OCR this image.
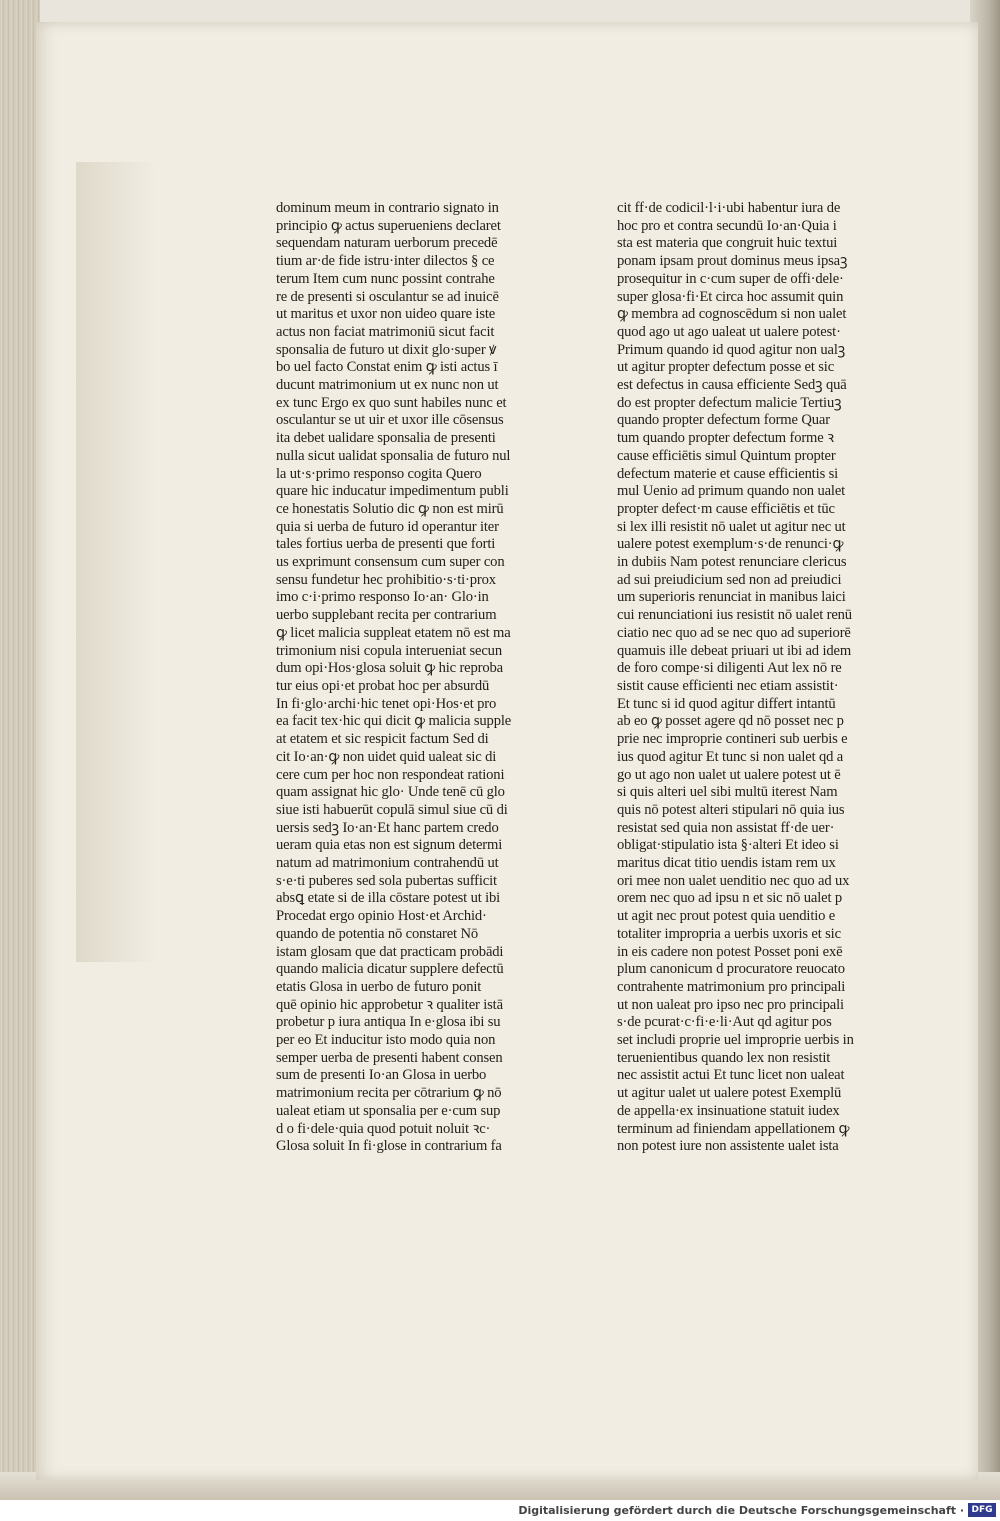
dominum meum in contrario signato in
principio ꝙ actus superueniens declaret
sequendam naturam uerborum precedē
tium ar·de fide istru·inter dilectos § ce
terum Item cum nunc possint contrahe
re de presenti si osculantur se ad inuicē
ut maritus et uxor non uideo quare iste
actus non faciat matrimoniū sicut facit
sponsalia de futuro ut dixit glo·super ꝟ
bo uel facto Constat enim ꝙ isti actus ī
ducunt matrimonium ut ex nunc non ut
ex tunc Ergo ex quo sunt habiles nunc et
osculantur se ut uir et uxor ille cōsensus
ita debet ualidare sponsalia de presenti
nulla sicut ualidat sponsalia de futuro nul
la ut·s·primo responso cogita Quero
quare hic inducatur impedimentum publi
ce honestatis Solutio dic ꝙ non est mirū
quia si uerba de futuro id operantur iter
tales fortius uerba de presenti que forti
us exprimunt consensum cum super con
sensu fundetur hec prohibitio·s·ti·prox
imo c·i·primo responso Io·an· Glo·in
uerbo supplebant recita per contrarium
ꝙ licet malicia suppleat etatem nō est ma
trimonium nisi copula interueniat secun
dum opi·Hos·glosa soluit ꝙ hic reproba
tur eius opi·et probat hoc per absurdū
In fi·glo·archi·hic tenet opi·Hos·et pro
ea facit tex·hic qui dicit ꝙ malicia supple
at etatem et sic respicit factum Sed di
cit Io·an·ꝙ non uidet quid ualeat sic di
cere cum per hoc non respondeat rationi
quam assignat hic glo· Unde tenē cū glo
siue isti habuerūt copulā simul siue cū di
uersis sedꝫ Io·an·Et hanc partem credo
ueram quia etas non est signum determi
natum ad matrimonium contrahendū ut
s·e·ti puberes sed sola pubertas sufficit
absꝗ etate si de illa cōstare potest ut ibi
Procedat ergo opinio Host·et Archid·
quando de potentia nō constaret Nō
istam glosam que dat practicam probādi
quando malicia dicatur supplere defectū
etatis Glosa in uerbo de futuro ponit
quē opinio hic approbetur ꝛ qualiter istā
probetur p iura antiqua In e·glosa ibi su
per eo Et inducitur isto modo quia non
semper uerba de presenti habent consen
sum de presenti Io·an Glosa in uerbo
matrimonium recita per cōtrarium ꝙ nō
ualeat etiam ut sponsalia per e·cum sup
d o fi·dele·quia quod potuit noluit ꝛc·
Glosa soluit In fi·glose in contrarium fa
cit ff·de codicil·l·i·ubi habentur iura de
hoc pro et contra secundū Io·an·Quia i
sta est materia que congruit huic textui
ponam ipsam prout dominus meus ipsaꝫ
prosequitur in c·cum super de offi·dele·
super glosa·fi·Et circa hoc assumit quin
ꝙ membra ad cognoscēdum si non ualet
quod ago ut ago ualeat ut ualere potest·
Primum quando id quod agitur non ualꝫ
ut agitur propter defectum posse et sic
est defectus in causa efficiente Sedꝫ quā
do est propter defectum malicie Tertiuꝫ
quando propter defectum forme Quar
tum quando propter defectum forme ꝛ
cause efficiētis simul Quintum propter
defectum materie et cause efficientis si
mul Uenio ad primum quando non ualet
propter defect·m cause efficiētis et tūc
si lex illi resistit nō ualet ut agitur nec ut
ualere potest exemplum·s·de renunci·ꝙ
in dubiis Nam potest renunciare clericus
ad sui preiudicium sed non ad preiudici
um superioris renunciat in manibus laici
cui renunciationi ius resistit nō ualet renū
ciatio nec quo ad se nec quo ad superiorē
quamuis ille debeat priuari ut ibi ad idem
de foro compe·si diligenti Aut lex nō re
sistit cause efficienti nec etiam assistit·
Et tunc si id quod agitur differt intantū
ab eo ꝙ posset agere qd nō posset nec p
prie nec improprie contineri sub uerbis e
ius quod agitur Et tunc si non ualet qd a
go ut ago non ualet ut ualere potest ut ē
si quis alteri uel sibi multū iterest Nam
quis nō potest alteri stipulari nō quia ius
resistat sed quia non assistat ff·de uer·
obligat·stipulatio ista §·alteri Et ideo si
maritus dicat titio uendis istam rem ux
ori mee non ualet uenditio nec quo ad ux
orem nec quo ad ipsu n et sic nō ualet p
ut agit nec prout potest quia uenditio e
totaliter impropria a uerbis uxoris et sic
in eis cadere non potest Posset poni exē
plum canonicum d procuratore reuocato
contrahente matrimonium pro principali
ut non ualeat pro ipso nec pro principali
s·de pcurat·c·fi·e·li·Aut qd agitur pos
set includi proprie uel improprie uerbis in
teruenientibus quando lex non resistit
nec assistit actui Et tunc licet non ualeat
ut agitur ualet ut ualere potest Exemplū
de appella·ex insinuatione statuit iudex
terminum ad finiendam appellationem ꝙ
non potest iure non assistente ualet ista
Digitalisierung gefördert durch die Deutsche Forschungsgemeinschaft · DFG
